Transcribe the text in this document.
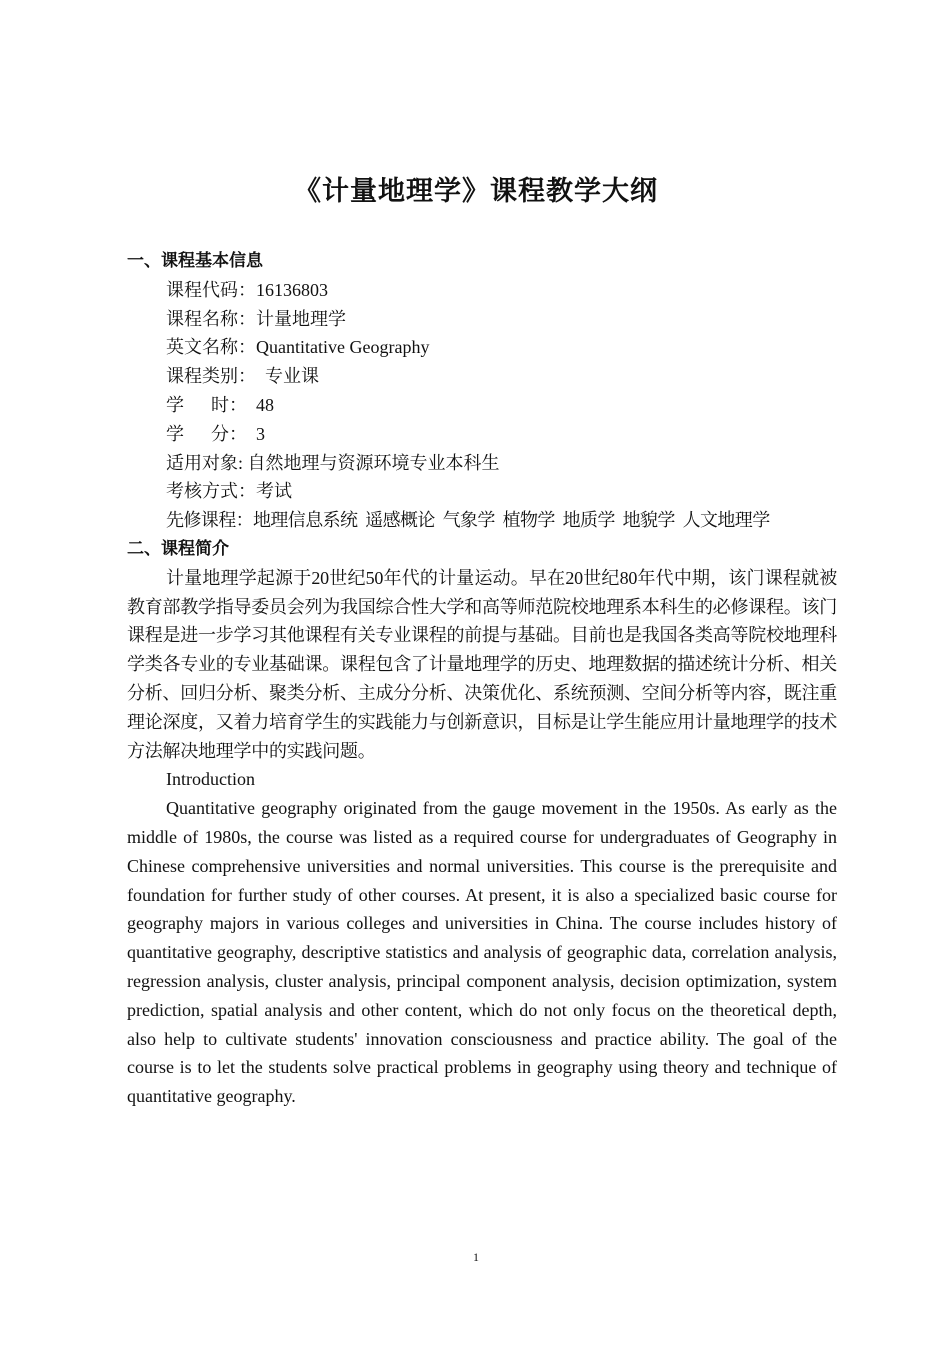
《计量地理学》课程教学大纲
一、课程基本信息
课程代码：16136803
课程名称：计量地理学
英文名称：Quantitative Geography
课程类别：  专业课
学      时：  48
学      分：  3
适用对象: 自然地理与资源环境专业本科生
考核方式：考试
先修课程：地理信息系统  遥感概论  气象学  植物学  地质学  地貌学  人文地理学
二、课程简介
计量地理学起源于20世纪50年代的计量运动。早在20世纪80年代中期，该门课程就被教育部教学指导委员会列为我国综合性大学和高等师范院校地理系本科生的必修课程。该门课程是进一步学习其他课程有关专业课程的前提与基础。目前也是我国各类高等院校地理科学类各专业的专业基础课。课程包含了计量地理学的历史、地理数据的描述统计分析、相关分析、回归分析、聚类分析、主成分分析、决策优化、系统预测、空间分析等内容，既注重理论深度，又着力培育学生的实践能力与创新意识，目标是让学生能应用计量地理学的技术方法解决地理学中的实践问题。
Introduction
Quantitative geography originated from the gauge movement in the 1950s. As early as the middle of 1980s, the course was listed as a required course for undergraduates of Geography in Chinese comprehensive universities and normal universities. This course is the prerequisite and foundation for further study of other courses. At present, it is also a specialized basic course for geography majors in various colleges and universities in China. The course includes history of quantitative geography, descriptive statistics and analysis of geographic data, correlation analysis, regression analysis, cluster analysis, principal component analysis, decision optimization, system prediction, spatial analysis and other content, which do not only focus on the theoretical depth, also help to cultivate students' innovation consciousness and practice ability. The goal of the course is to let the students solve practical problems in geography using theory and technique of quantitative geography.
1
